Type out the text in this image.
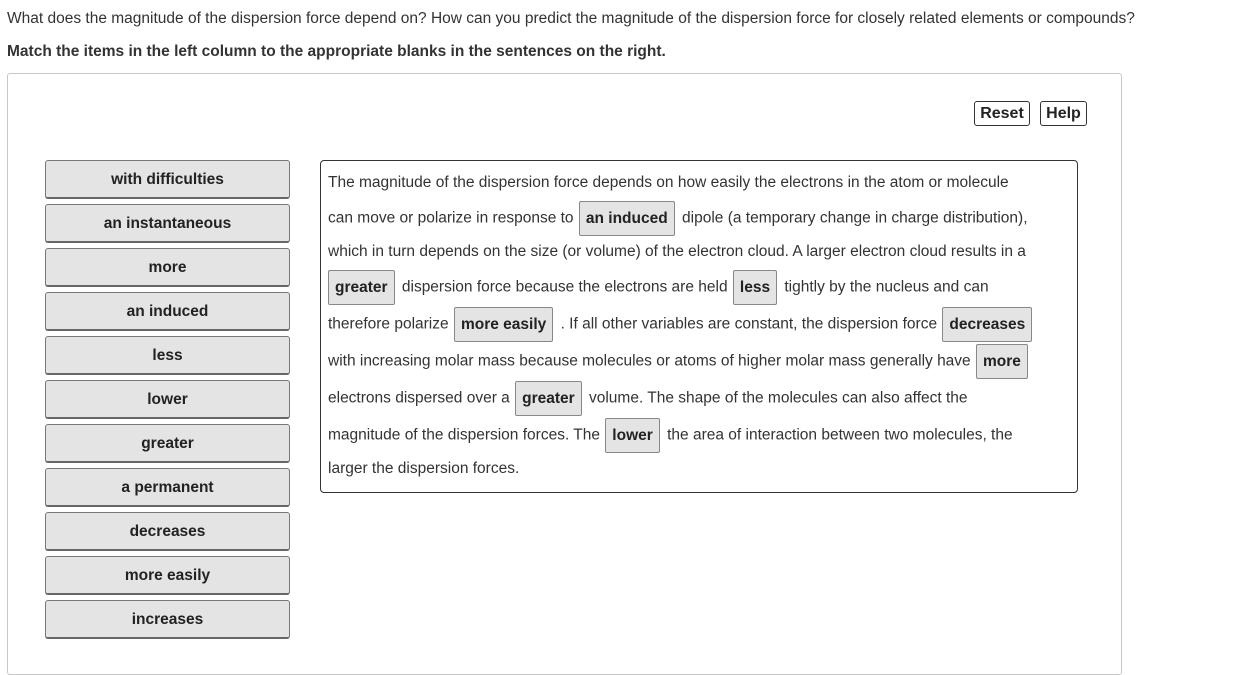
What does the magnitude of the dispersion force depend on? How can you predict the magnitude of the dispersion force for closely related elements or compounds?
Match the items in the left column to the appropriate blanks in the sentences on the right.
Reset	Help
with difficulties
an instantaneous
more
an induced
less
lower
greater
a permanent
decreases
more easily
increases
The magnitude of the dispersion force depends on how easily the electrons in the atom or molecule
can move or polarize in response to an induced dipole (a temporary change in charge distribution),
which in turn depends on the size (or volume) of the electron cloud. A larger electron cloud results in a
greater dispersion force because the electrons are held less tightly by the nucleus and can
therefore polarize more easily . If all other variables are constant, the dispersion force decreases
with increasing molar mass because molecules or atoms of higher molar mass generally have more
electrons dispersed over a greater volume. The shape of the molecules can also affect the
magnitude of the dispersion forces. The lower the area of interaction between two molecules, the
larger the dispersion forces.
